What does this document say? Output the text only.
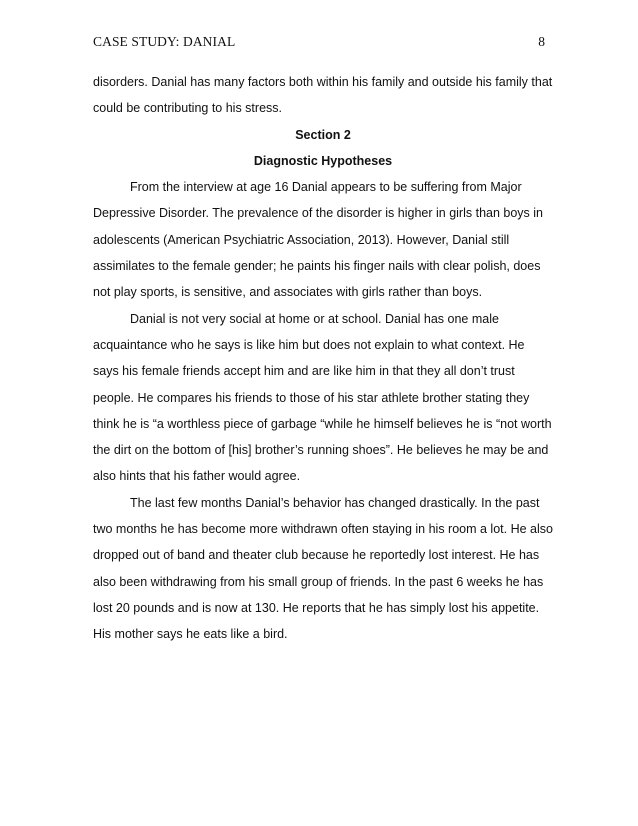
CASE STUDY: DANIAL	8

disorders. Danial has many factors both within his family and outside his family that could be contributing to his stress.

Section 2

Diagnostic Hypotheses

From the interview at age 16 Danial appears to be suffering from Major Depressive Disorder. The prevalence of the disorder is higher in girls than boys in adolescents (American Psychiatric Association, 2013). However, Danial still assimilates to the female gender; he paints his finger nails with clear polish, does not play sports, is sensitive, and associates with girls rather than boys.

Danial is not very social at home or at school. Danial has one male acquaintance who he says is like him but does not explain to what context. He says his female friends accept him and are like him in that they all don’t trust people. He compares his friends to those of his star athlete brother stating they think he is “a worthless piece of garbage “while he himself believes he is “not worth the dirt on the bottom of [his] brother’s running shoes”. He believes he may be and also hints that his father would agree.

The last few months Danial’s behavior has changed drastically. In the past two months he has become more withdrawn often staying in his room a lot. He also dropped out of band and theater club because he reportedly lost interest. He has also been withdrawing from his small group of friends. In the past 6 weeks he has lost 20 pounds and is now at 130. He reports that he has simply lost his appetite. His mother says he eats like a bird.
